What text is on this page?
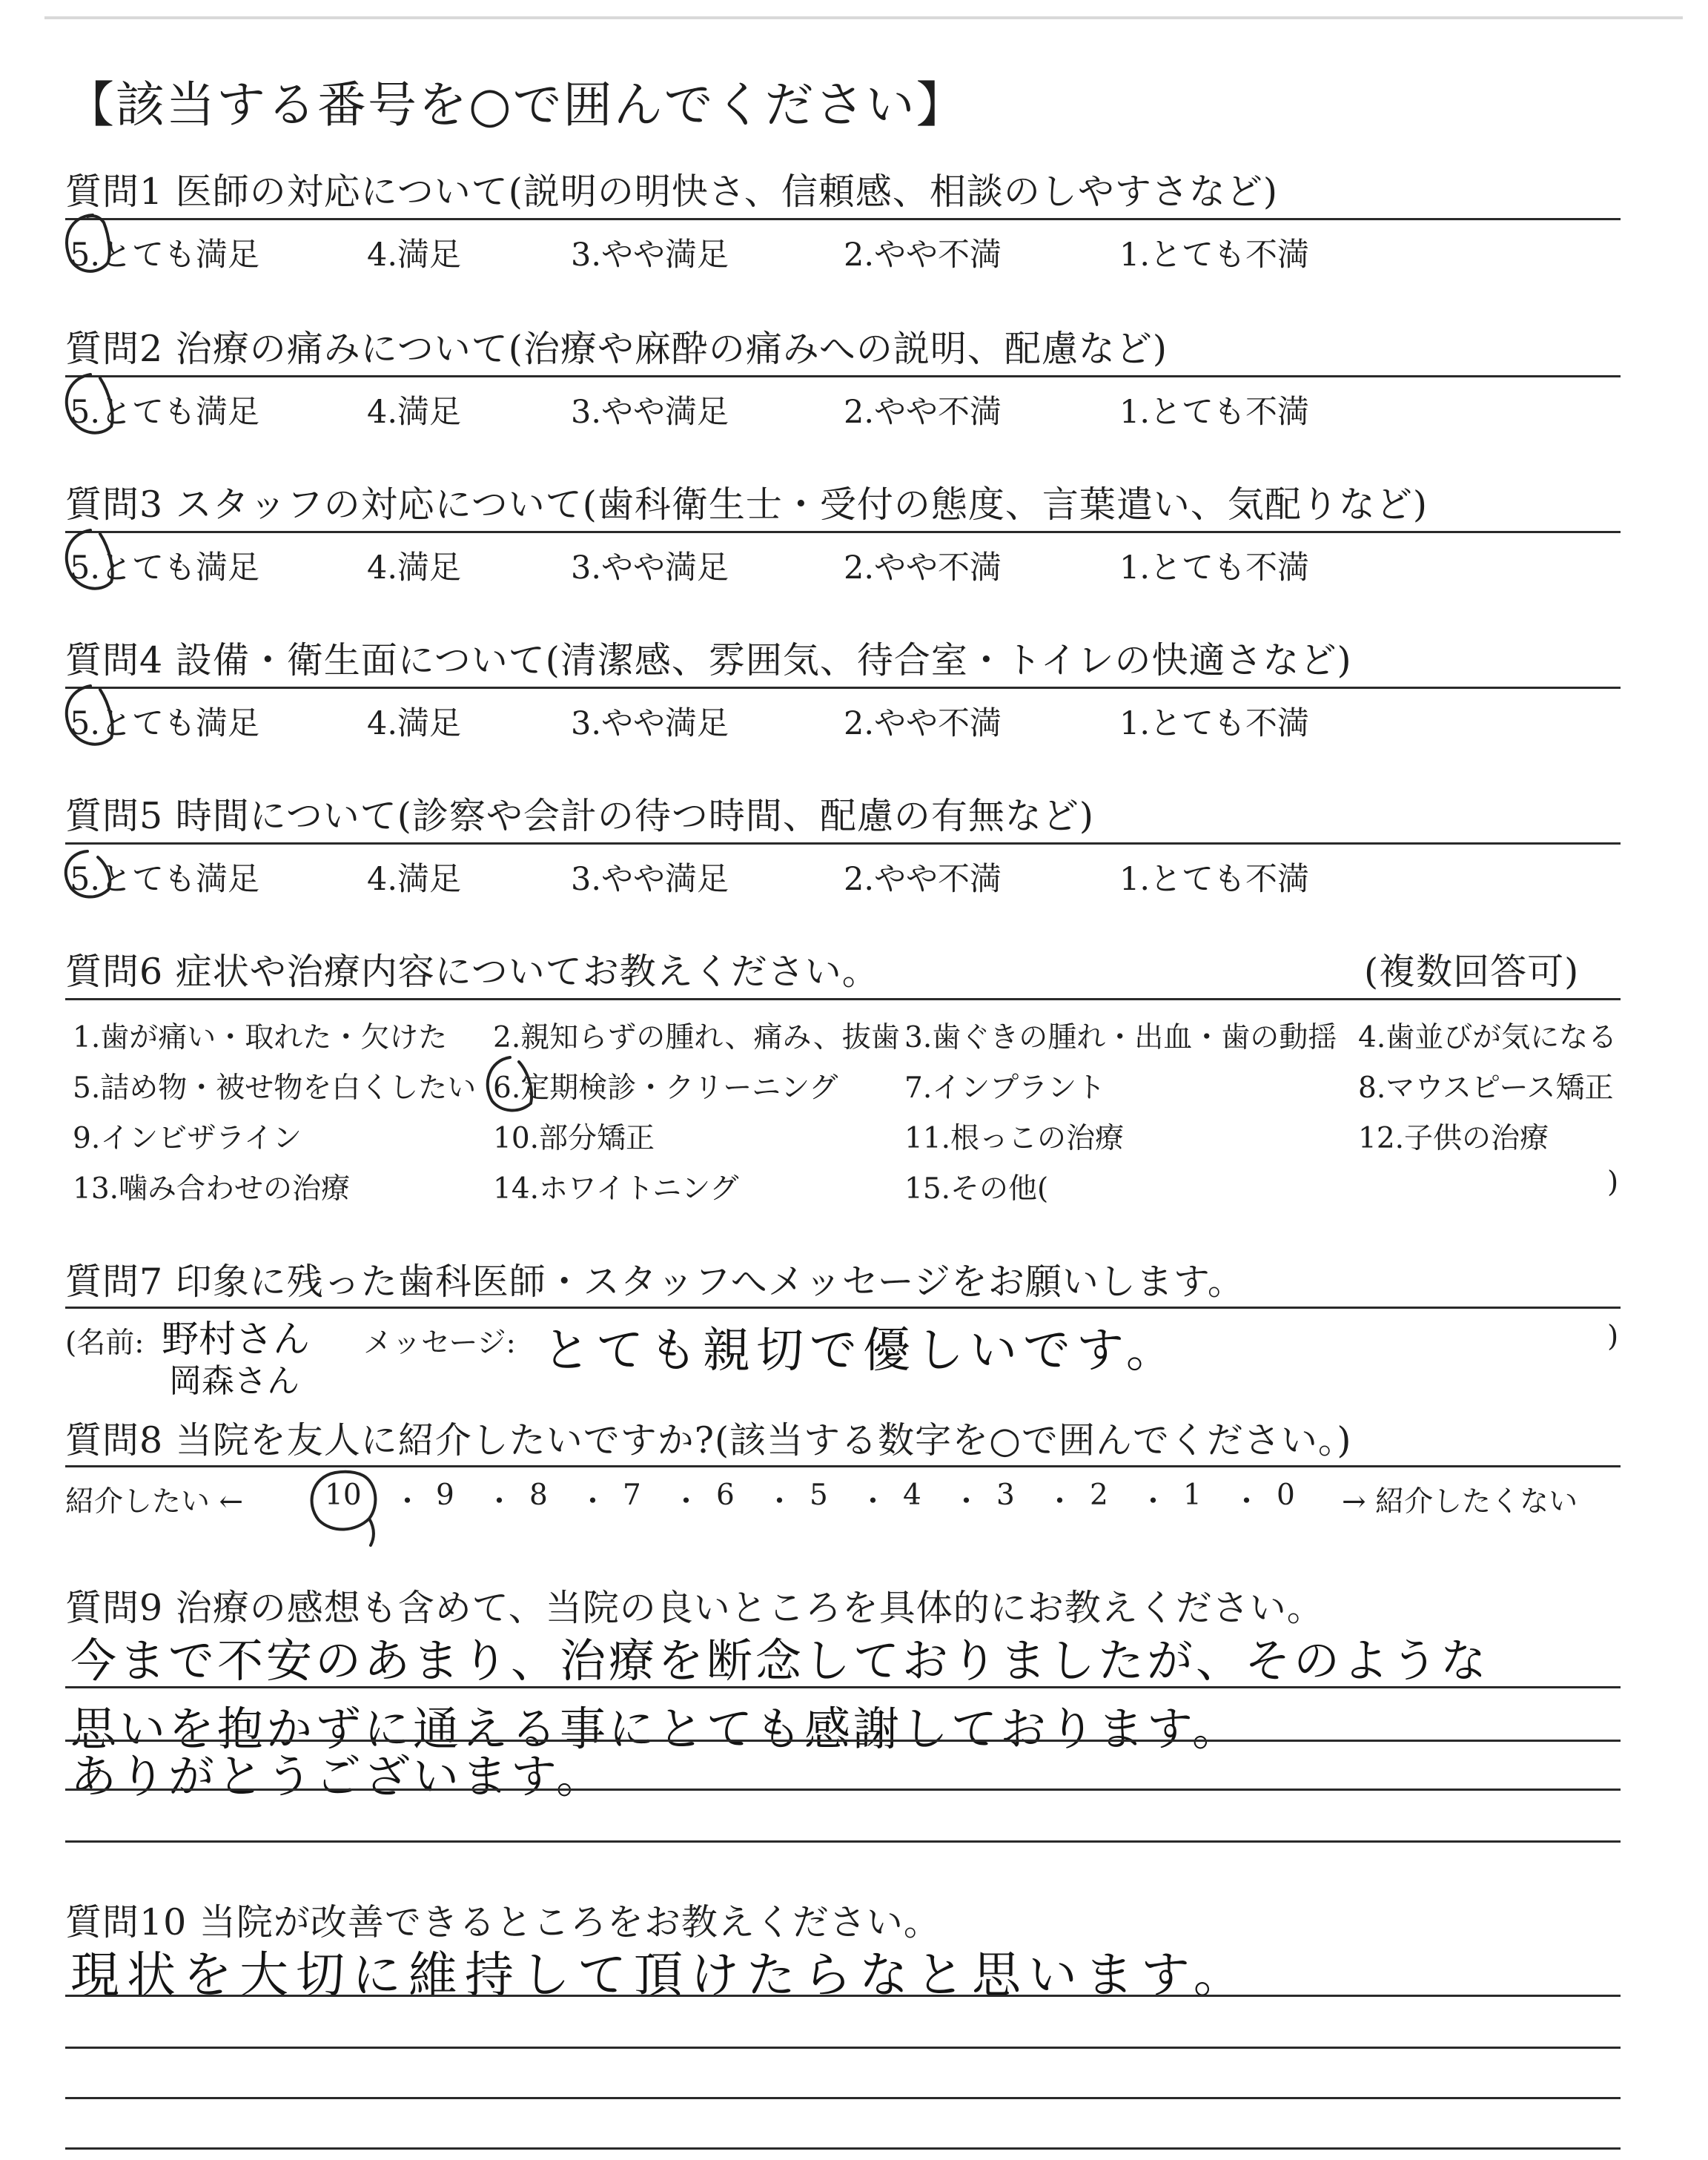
【該当する番号を○で囲んでください】
質問1 医師の対応について(説明の明快さ、信頼感、相談のしやすさなど)
5.とても満足	4.満足	3.やや満足	2.やや不満	1.とても不満
質問2 治療の痛みについて(治療や麻酔の痛みへの説明、配慮など)
5.とても満足	4.満足	3.やや満足	2.やや不満	1.とても不満
質問3 スタッフの対応について(歯科衛生士・受付の態度、言葉遣い、気配りなど)
5.とても満足	4.満足	3.やや満足	2.やや不満	1.とても不満
質問4 設備・衛生面について(清潔感、雰囲気、待合室・トイレの快適さなど)
5.とても満足	4.満足	3.やや満足	2.やや不満	1.とても不満
質問5 時間について(診察や会計の待つ時間、配慮の有無など)
5.とても満足	4.満足	3.やや満足	2.やや不満	1.とても不満
質問6 症状や治療内容についてお教えください。	(複数回答可)
1.歯が痛い・取れた・欠けた 2.親知らずの腫れ、痛み、抜歯 3.歯ぐきの腫れ・出血・歯の動揺 4.歯並びが気になる
5.詰め物・被せ物を白くしたい 6.定期検診・クリーニング 7.インプラント	8.マウスピース矯正
9.インビザライン	10.部分矯正	11.根っこの治療	12.子供の治療
13.噛み合わせの治療	14.ホワイトニング	15.その他(	)
質問7 印象に残った歯科医師・スタッフへメッセージをお願いします。
(名前: 野村さん
岡森さん
メッセージ: とても親切で優しいです。	)
質問8 当院を友人に紹介したいですか?(該当する数字を○で囲んでください。)
紹介したい ←	10	9	8	7	6	5	4	3	2	1	0
・ ・ ・ ・ ・ ・ ・ ・ ・ ・	→ 紹介したくない
質問9 治療の感想も含めて、当院の良いところを具体的にお教えください。
今まで不安のあまり、治療を断念しておりましたが、そのような
思いを抱かずに通える事にとても感謝しております。
ありがとうございます。
質問10 当院が改善できるところをお教えください。
現状を大切に維持して頂けたらなと思います。
